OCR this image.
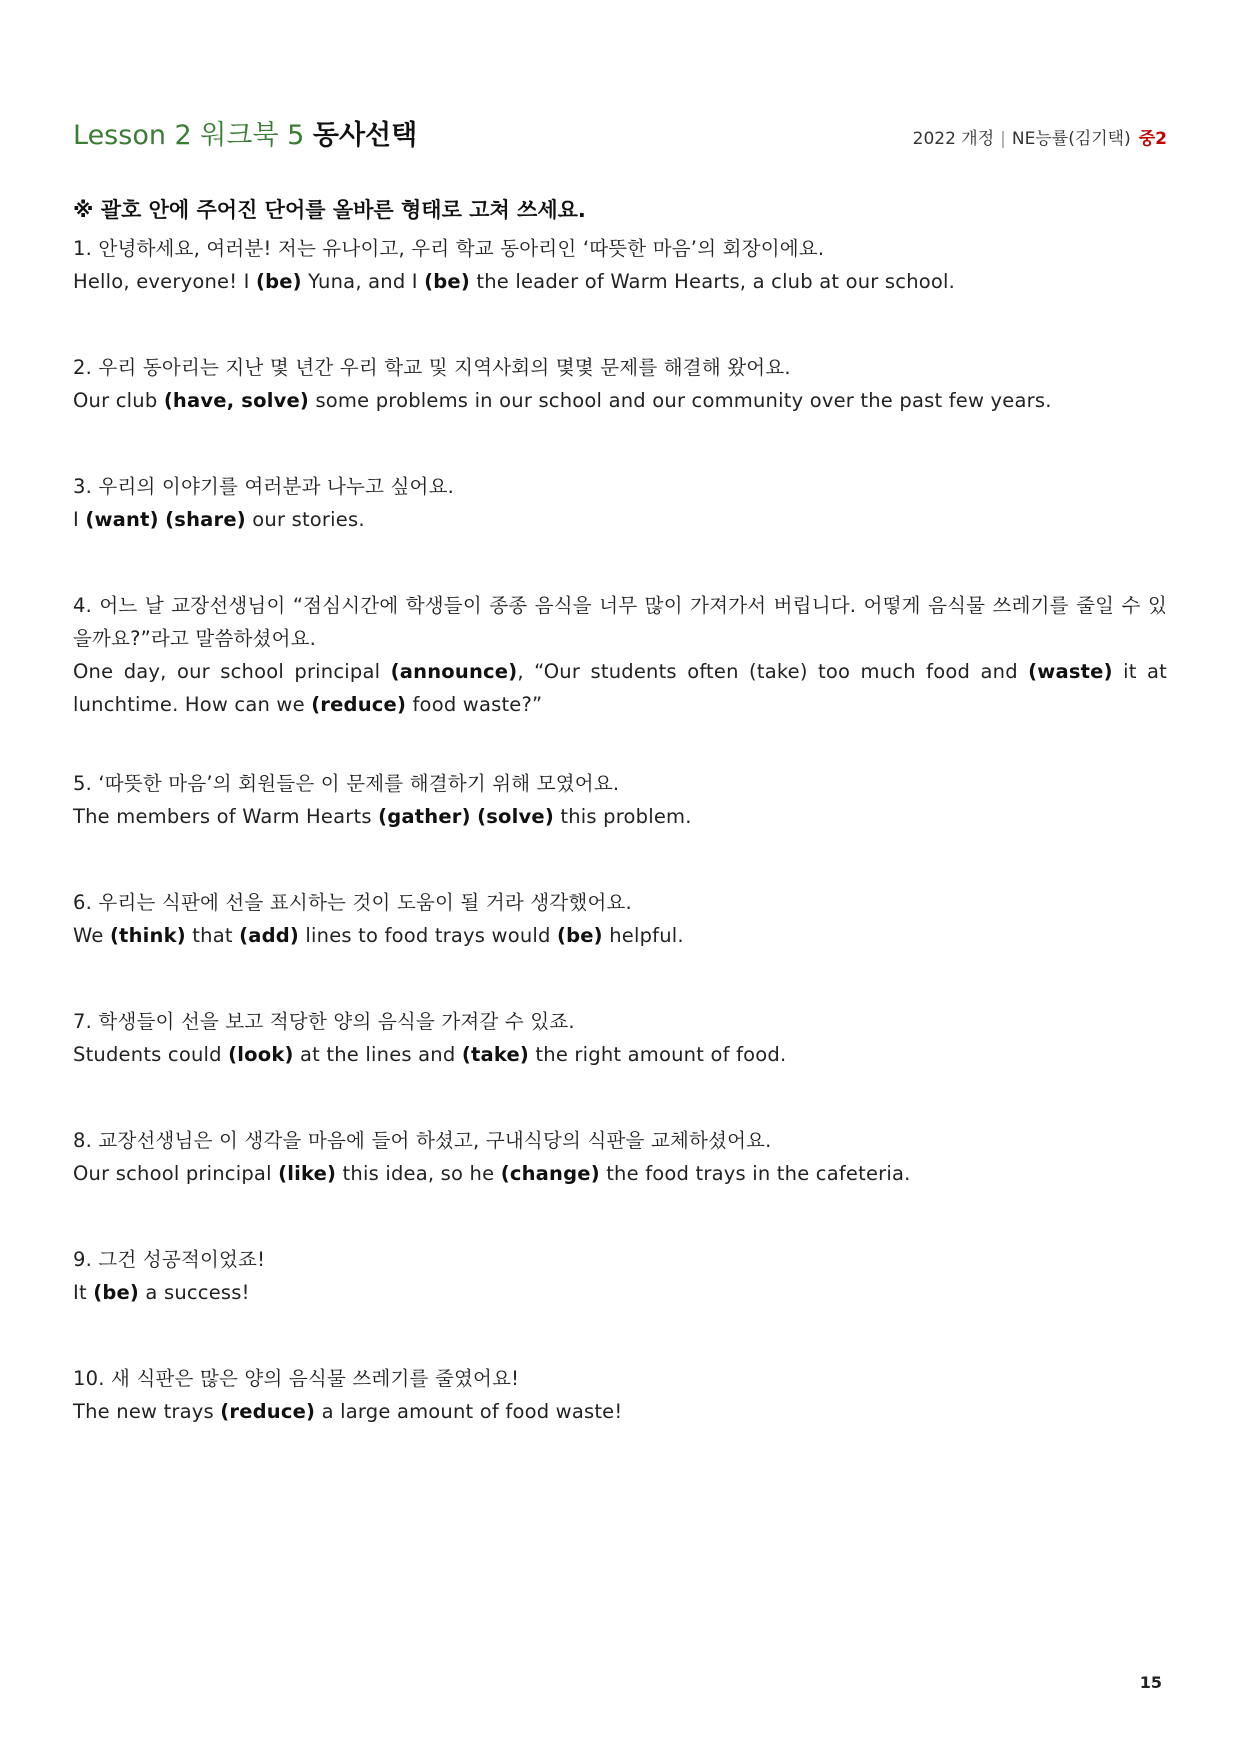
Lesson 2 워크북 5 동사선택	2022 개정 | NE능률(김기택) 중2
※ 괄호 안에 주어진 단어를 올바른 형태로 고쳐 쓰세요.

1. 안녕하세요, 여러분! 저는 유나이고, 우리 학교 동아리인 ‘따뜻한 마음’의 회장이에요.

Hello, everyone! I (be) Yuna, and I (be) the leader of Warm Hearts, a club at our school.

2. 우리 동아리는 지난 몇 년간 우리 학교 및 지역사회의 몇몇 문제를 해결해 왔어요.

Our club (have, solve) some problems in our school and our community over the past few years.

3. 우리의 이야기를 여러분과 나누고 싶어요.

I (want) (share) our stories.

4. 어느 날 교장선생님이 “점심시간에 학생들이 종종 음식을 너무 많이 가져가서 버립니다. 어떻게 음식물 쓰레기를 줄일 수 있을까요?”라고 말씀하셨어요.

One day, our school principal (announce), “Our students often (take) too much food and (waste) it at lunchtime. How can we (reduce) food waste?”

5. ‘따뜻한 마음’의 회원들은 이 문제를 해결하기 위해 모였어요.

The members of Warm Hearts (gather) (solve) this problem.

6. 우리는 식판에 선을 표시하는 것이 도움이 될 거라 생각했어요.

We (think) that (add) lines to food trays would (be) helpful.

7. 학생들이 선을 보고 적당한 양의 음식을 가져갈 수 있죠.

Students could (look) at the lines and (take) the right amount of food.

8. 교장선생님은 이 생각을 마음에 들어 하셨고, 구내식당의 식판을 교체하셨어요.

Our school principal (like) this idea, so he (change) the food trays in the cafeteria.

9. 그건 성공적이었죠!

It (be) a success!

10. 새 식판은 많은 양의 음식물 쓰레기를 줄였어요!

The new trays (reduce) a large amount of food waste!

15
